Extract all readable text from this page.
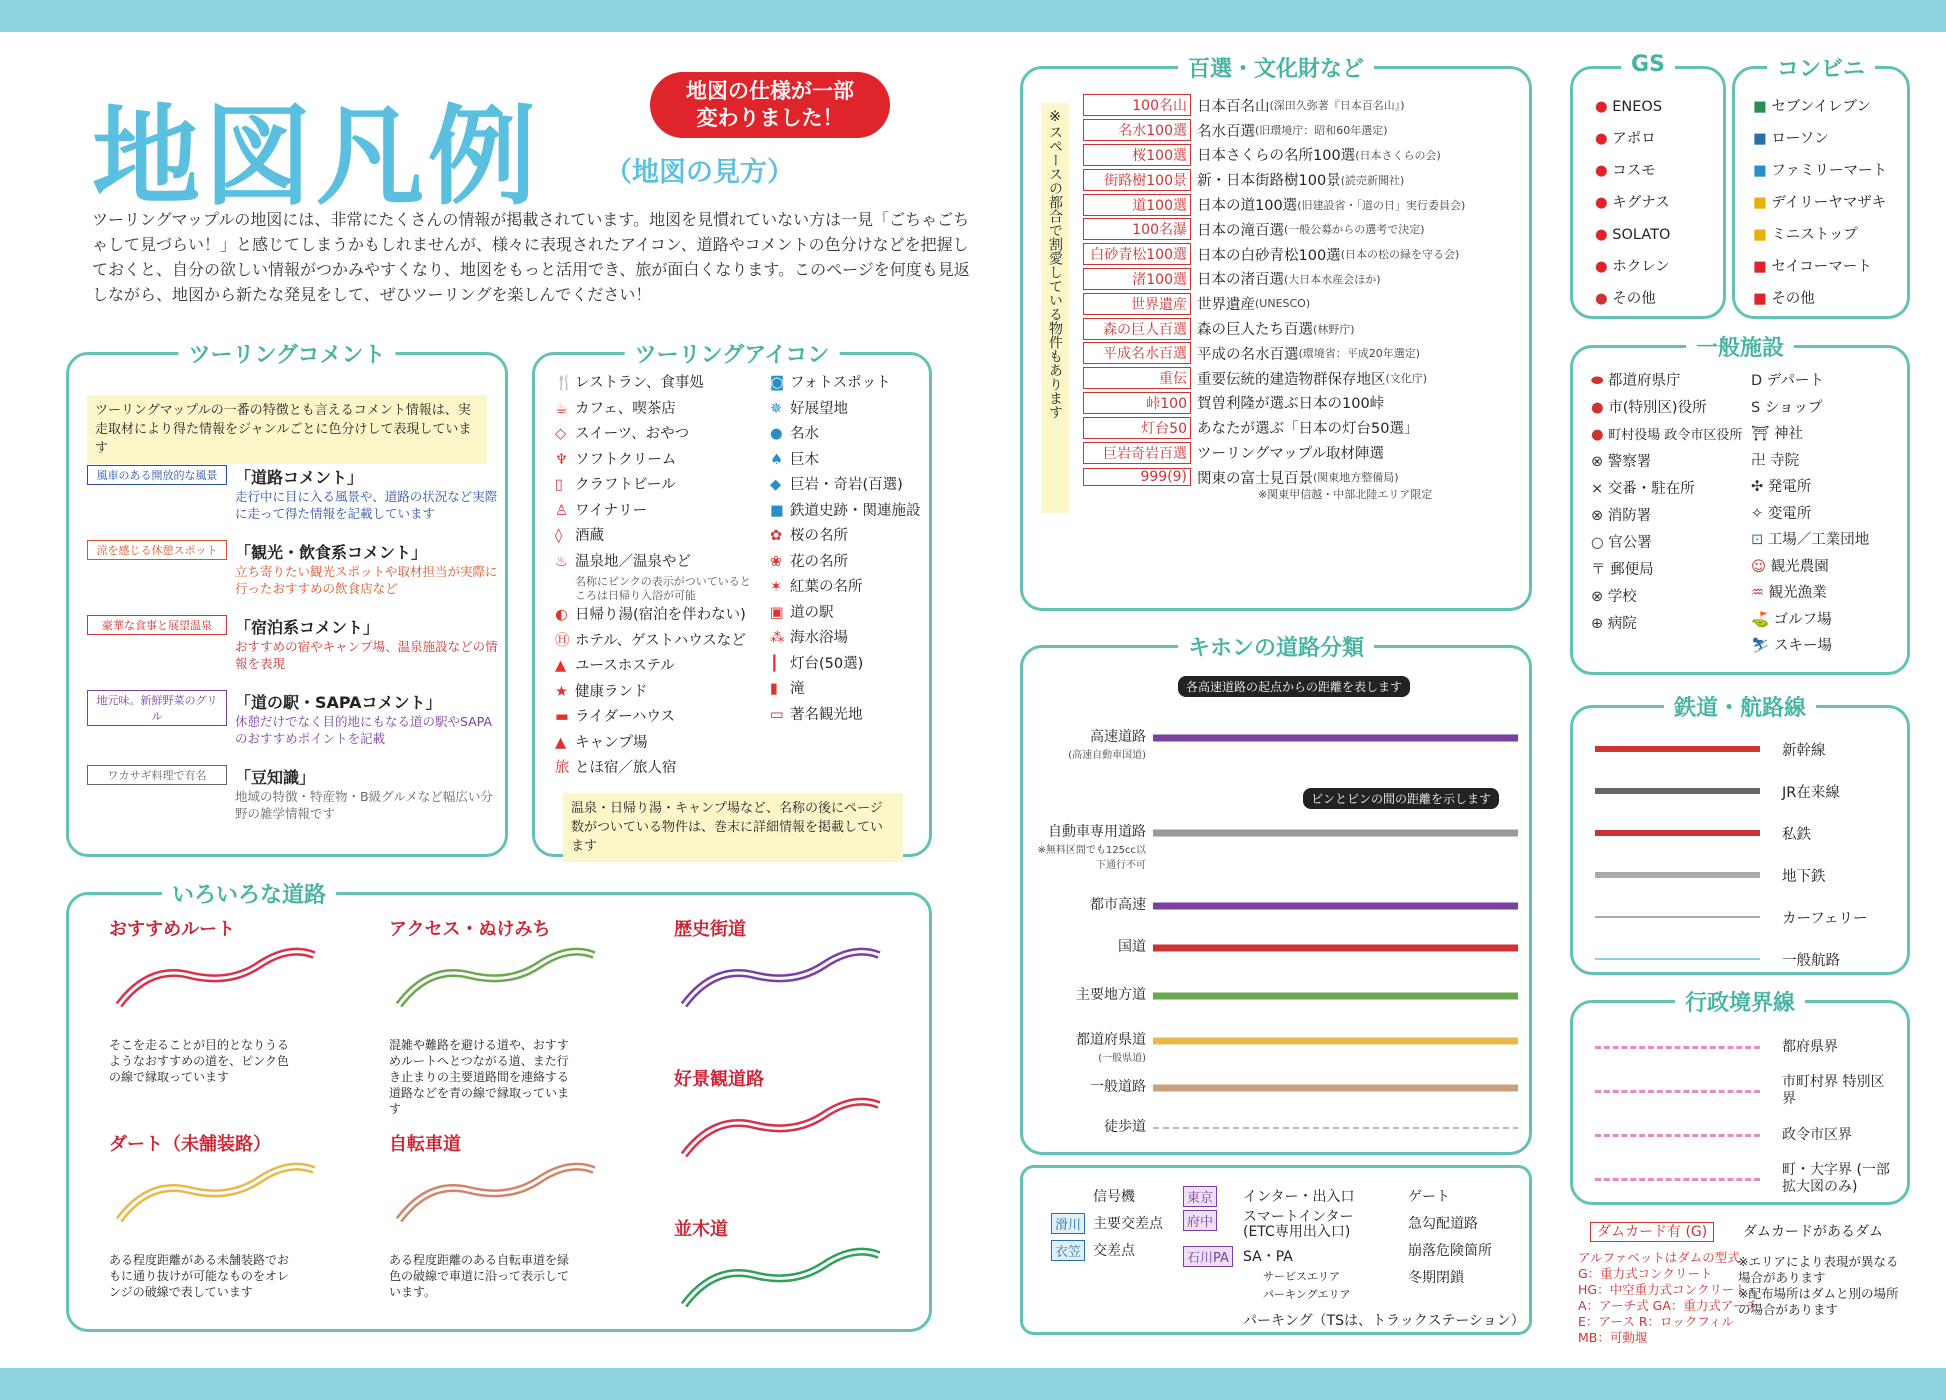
地図凡例 （地図の見方）
地図の仕様が一部
変わりました！
ツーリングマップルの地図には、非常にたくさんの情報が掲載されています。地図を見慣れていない方は一見「ごちゃごちゃして見づらい！」と感じてしまうかもしれませんが、様々に表現されたアイコン、道路やコメントの色分けなどを把握しておくと、自分の欲しい情報がつかみやすくなり、地図をもっと活用でき、旅が面白くなります。このページを何度も見返しながら、地図から新たな発見をして、ぜひツーリングを楽しんでください！
ツーリングコメント
ツーリングマップルの一番の特徴とも言えるコメント情報は、実走取材により得た情報をジャンルごとに色分けして表現しています
風車のある開放的な風景 「道路コメント」
走行中に目に入る風景や、道路の状況など実際に走って得た情報を記載しています
涼を感じる休憩スポット 「観光・飲食系コメント」
立ち寄りたい観光スポットや取材担当が実際に行ったおすすめの飲食店など
豪華な食事と展望温泉 「宿泊系コメント」
おすすめの宿やキャンプ場、温泉施設などの情報を表現
地元味。新鮮野菜のグリル
「道の駅・SAPAコメント」
休憩だけでなく目的地にもなる道の駅やSAPAのおすすめポイントを記載
ワカサギ料理で有名 「豆知識」
地域の特徴・特産物・B級グルメなど幅広い分野の雑学情報です
ツーリングアイコン
🍴 レストラン、食事処
☕ カフェ、喫茶店
◇ スイーツ、おやつ
♆ ソフトクリーム
▯ クラフトビール
♙ ワイナリー
◊ 酒蔵
♨ 温泉地／温泉やど
名称にピンクの表示がついているところは日帰り入浴が可能
◐ 日帰り湯(宿泊を伴わない)
Ⓗ ホテル、ゲストハウスなど
▲ ユースホステル
★ 健康ランド
▬ ライダーハウス
▲ キャンプ場
旅 とほ宿／旅人宿
◙ フォトスポット
✵ 好展望地
● 名水
♠ 巨木
◆ 巨岩・奇岩(百選)
■ 鉄道史跡・関連施設
✿ 桜の名所
❀ 花の名所
✶ 紅葉の名所
▣ 道の駅
⁂ 海水浴場
┃ 灯台(50選)
▮ 滝
▭ 著名観光地
温泉・日帰り湯・キャンプ場など、名称の後にページ数がついている物件は、巻末に詳細情報を掲載しています
いろいろな道路
おすすめルート

そこを走ることが目的となりうるようなおすすめの道を、ピンク色の線で縁取っています

アクセス・ぬけみち

混雑や難路を避ける道や、おすすめルートへとつながる道、また行き止まりの主要道路間を連絡する道路などを青の線で縁取っています

歴史街道
ダート（未舗装路）

ある程度距離がある未舗装路でおもに通り抜けが可能なものをオレンジの破線で表しています

自転車道

ある程度距離のある自転車道を緑色の破線で車道に沿って表示しています。

好景観道路
並木道
百選・文化財など
※スペースの都合で割愛している物件もあります
100名山 日本百名山 (深田久弥著『日本百名山』)
名水100選 名水百選 (旧環境庁：昭和60年選定)
桜100選 日本さくらの名所100選 (日本さくらの会)
街路樹100景 新・日本街路樹100景 (読売新聞社)
道100選 日本の道100選 (旧建設省・「道の日」実行委員会)
100名瀑 日本の滝百選 (一般公募からの選考で決定)
白砂青松100選 日本の白砂青松100選 (日本の松の緑を守る会)
渚100選 日本の渚百選 (大日本水産会ほか)
世界遺産 世界遺産 (UNESCO)
森の巨人百選 森の巨人たち百選 (林野庁)
平成名水百選 平成の名水百選 (環境省：平成20年選定)
重伝 重要伝統的建造物群保存地区 (文化庁)
峠100 賀曽利隆が選ぶ日本の100峠
灯台50 あなたが選ぶ「日本の灯台50選」
巨岩奇岩百選 ツーリングマップル取材陣選
999(9) 関東の富士見百景 (関東地方整備局)
※関東甲信越・中部北陸エリア限定
キホンの道路分類
各高速道路の起点からの距離を表します
ピンとピンの間の距離を示します
高速道路
(高速自動車国道)
自動車専用道路
※無料区間でも125cc以下通行不可
都市高速
国道
主要地方道
都道府県道
(一般県道)
一般道路
徒歩道
信号機
主要交差点
交差点
インター・出入口
スマートインター (ETC専用出入口)
SA・PA
サービスエリア
パーキングエリア
パーキング（TSは、トラックステーション）
ゲート
急勾配道路
崩落危険箇所
冬期閉鎖
滑川
衣笠
東京
府中
石川PA
GS
● ENEOS
● アポロ
● コスモ
● キグナス
● SOLATO
● ホクレン
● その他
コンビニ
■ セブンイレブン
■ ローソン
■ ファミリーマート
■ デイリーヤマザキ
■ ミニストップ
■ セイコーマート
■ その他
一般施設
⬬ 都道府県庁
● 市(特別区)役所
● 町村役場 政令市区役所
⊗ 警察署
× 交番・駐在所
⊗ 消防署
○ 官公署
〒 郵便局
⊗ 学校
⊕ 病院
D デパート
S ショップ
⛩ 神社
卍 寺院
✣ 発電所
✧ 変電所
⊡ 工場／工業団地
☺ 観光農園
♒ 観光漁業
⛳ ゴルフ場
⛷ スキー場
鉄道・航路線
新幹線
JR在来線
私鉄
地下鉄
カーフェリー
一般航路
行政境界線
都府県界
市町村界 特別区界
政令市区界
町・大字界 (一部拡大図のみ)
ダムカード有 (G)	ダムカードがあるダム
アルファベットはダムの型式
G：重力式コンクリート
HG：中空重力式コンクリート
A：アーチ式 GA：重力式アーチ
E：アース R：ロックフィル
MB：可動堰
※エリアにより表現が異なる場合があります
※配布場所はダムと別の場所の場合があります
